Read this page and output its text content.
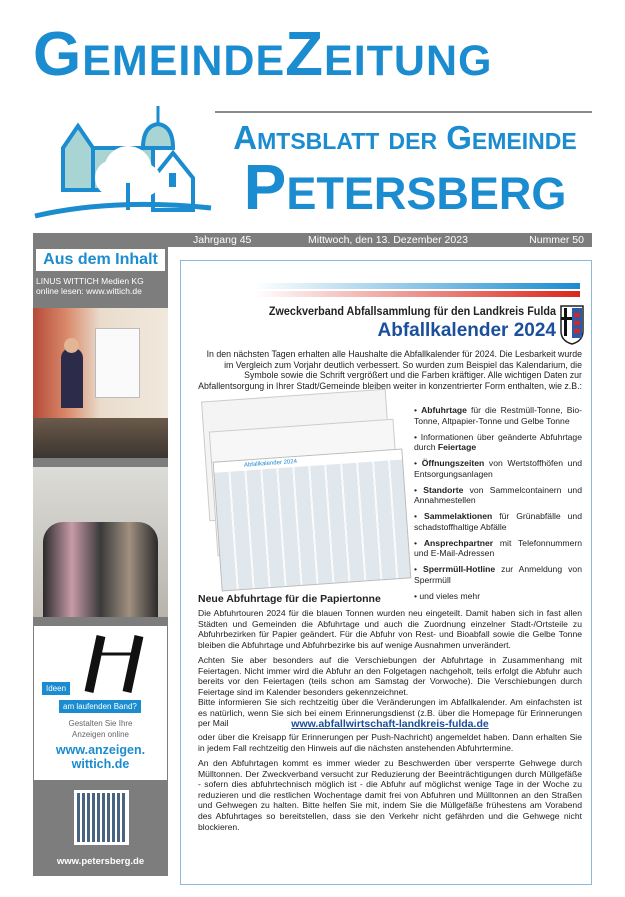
GemeindeZeitung
Amtsblatt der Gemeinde
Petersberg
Jahrgang 45	Mittwoch, den 13. Dezember 2023	Nummer 50
Aus dem Inhalt
LINUS WITTICH Medien KG
online lesen: www.wittich.de
Ideen
am laufenden Band?
Gestalten Sie Ihre
Anzeigen online
www.anzeigen.
wittich.de
www.petersberg.de
Zweckverband Abfallsammlung für den Landkreis Fulda
Abfallkalender 2024
In den nächsten Tagen erhalten alle Haushalte die Abfallkalender für 2024. Die Lesbarkeit wurde im Vergleich zum Vorjahr deutlich verbessert. So wurden zum Beispiel das Kalendarium, die Symbole sowie die Schrift vergrößert und die Farben kräftiger. Alle wichtigen Daten zur Abfallentsorgung in Ihrer Stadt/Gemeinde bleiben weiter in konzentrierter Form enthalten, wie z.B.:
Abfallkalender 2024
• Abfuhrtage für die Restmüll-Tonne, Bio-Tonne, Altpapier-Tonne und Gelbe Tonne
• Informationen über geänderte Abfuhrtage durch Feiertage
• Öffnungszeiten von Wertstoffhöfen und Entsorgungsanlagen
• Standorte von Sammelcontainern und Annahmestellen
• Sammelaktionen für Grünabfälle und schadstoffhaltige Abfälle
• Ansprechpartner mit Telefonnummern und E-Mail-Adressen
• Sperrmüll-Hotline zur Anmeldung von Sperrmüll
• und vieles mehr
Neue Abfuhrtage für die Papiertonne
Die Abfuhrtouren 2024 für die blauen Tonnen wurden neu eingeteilt. Damit haben sich in fast allen Städten und Gemeinden die Abfuhrtage und auch die Zuordnung einzelner Stadt-/Ortsteile zu Abfuhrbezirken für Papier geändert. Für die Abfuhr von Rest- und Bioabfall sowie die Gelbe Tonne bleiben die Abfuhrtage und Abfuhrbezirke bis auf wenige Ausnahmen unverändert.
Achten Sie aber besonders auf die Verschiebungen der Abfuhrtage in Zusammenhang mit Feiertagen. Nicht immer wird die Abfuhr an den Folgetagen nachgeholt, teils erfolgt die Abfuhr auch bereits vor den Feiertagen (teils schon am Samstag der Vorwoche). Die Verschiebungen durch Feiertage sind im Kalender besonders gekennzeichnet.
Bitte informieren Sie sich rechtzeitig über die Veränderungen im Abfallkalender. Am einfachsten ist es natürlich, wenn Sie sich bei einem Erinnerungsdienst (z.B. über die Homepage für Erinnerungen per Mail	www.abfallwirtschaft-landkreis-fulda.de
oder über die Kreisapp für Erinnerungen per Push-Nachricht) angemeldet haben. Dann erhalten Sie in jedem Fall rechtzeitig den Hinweis auf die nächsten anstehenden Abfuhrtermine.
An den Abfuhrtagen kommt es immer wieder zu Beschwerden über versperrte Gehwege durch Mülltonnen. Der Zweckverband versucht zur Reduzierung der Beeinträchtigungen durch Müllgefäße - sofern dies abfuhrtechnisch möglich ist - die Abfuhr auf möglichst wenige Tage in der Woche zu reduzieren und die restlichen Wochentage damit frei von Abfuhren und Mülltonnen an den Straßen und Gehwegen zu halten. Bitte helfen Sie mit, indem Sie die Müllgefäße frühestens am Vorabend des Abfuhrtages so bereitstellen, dass sie den Verkehr nicht gefährden und die Gehwege nicht blockieren.
